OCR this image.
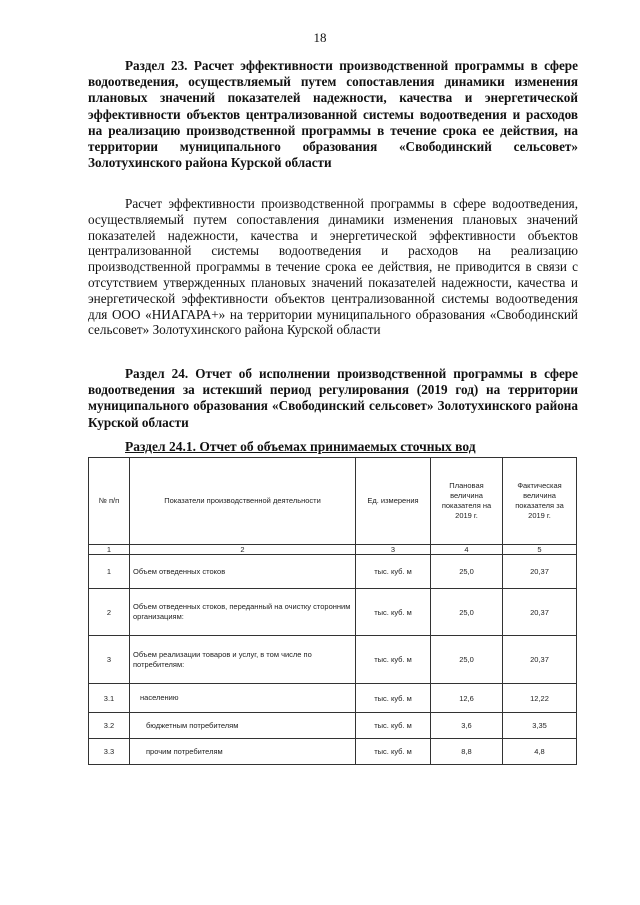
18

Раздел 23. Расчет эффективности производственной программы в сфере водоотведения, осуществляемый путем сопоставления динамики изменения плановых значений показателей надежности, качества и энергетической эффективности объектов централизованной системы водоотведения и расходов на реализацию производственной программы в течение срока ее действия, на территории муниципального образования «Свободинский сельсовет» Золотухинского района Курской области

Расчет эффективности производственной программы в сфере водоотведения, осуществляемый путем сопоставления динамики изменения плановых значений показателей надежности, качества и энергетической эффективности объектов централизованной системы водоотведения и расходов на реализацию производственной программы в течение срока ее действия, не приводится в связи с отсутствием утвержденных плановых значений показателей надежности, качества и энергетической эффективности объектов централизованной системы водоотведения для ООО «НИАГАРА+» на территории муниципального образования «Свободинский сельсовет» Золотухинского района Курской области

Раздел 24. Отчет об исполнении производственной программы в сфере водоотведения за истекший период регулирования (2019 год) на территории муниципального образования «Свободинский сельсовет» Золотухинского района Курской области

Раздел 24.1. Отчет об объемах принимаемых сточных вод

№ п/п	Показатели производственной деятельности	Ед. измерения	Плановая величина показателя на 2019 г.	Фактическая величина показателя за 2019 г.
1	2	3	4	5
1	Объем отведенных стоков	тыс. куб. м	25,0	20,37
2	Объем отведенных стоков, переданный на очистку сторонним организациям:	тыс. куб. м	25,0	20,37
3	Объем реализации товаров и услуг, в том числе по потребителям:	тыс. куб. м	25,0	20,37
3.1	населению	тыс. куб. м	12,6	12,22
3.2	бюджетным потребителям	тыс. куб. м	3,6	3,35
3.3	прочим потребителям	тыс. куб. м	8,8	4,8
